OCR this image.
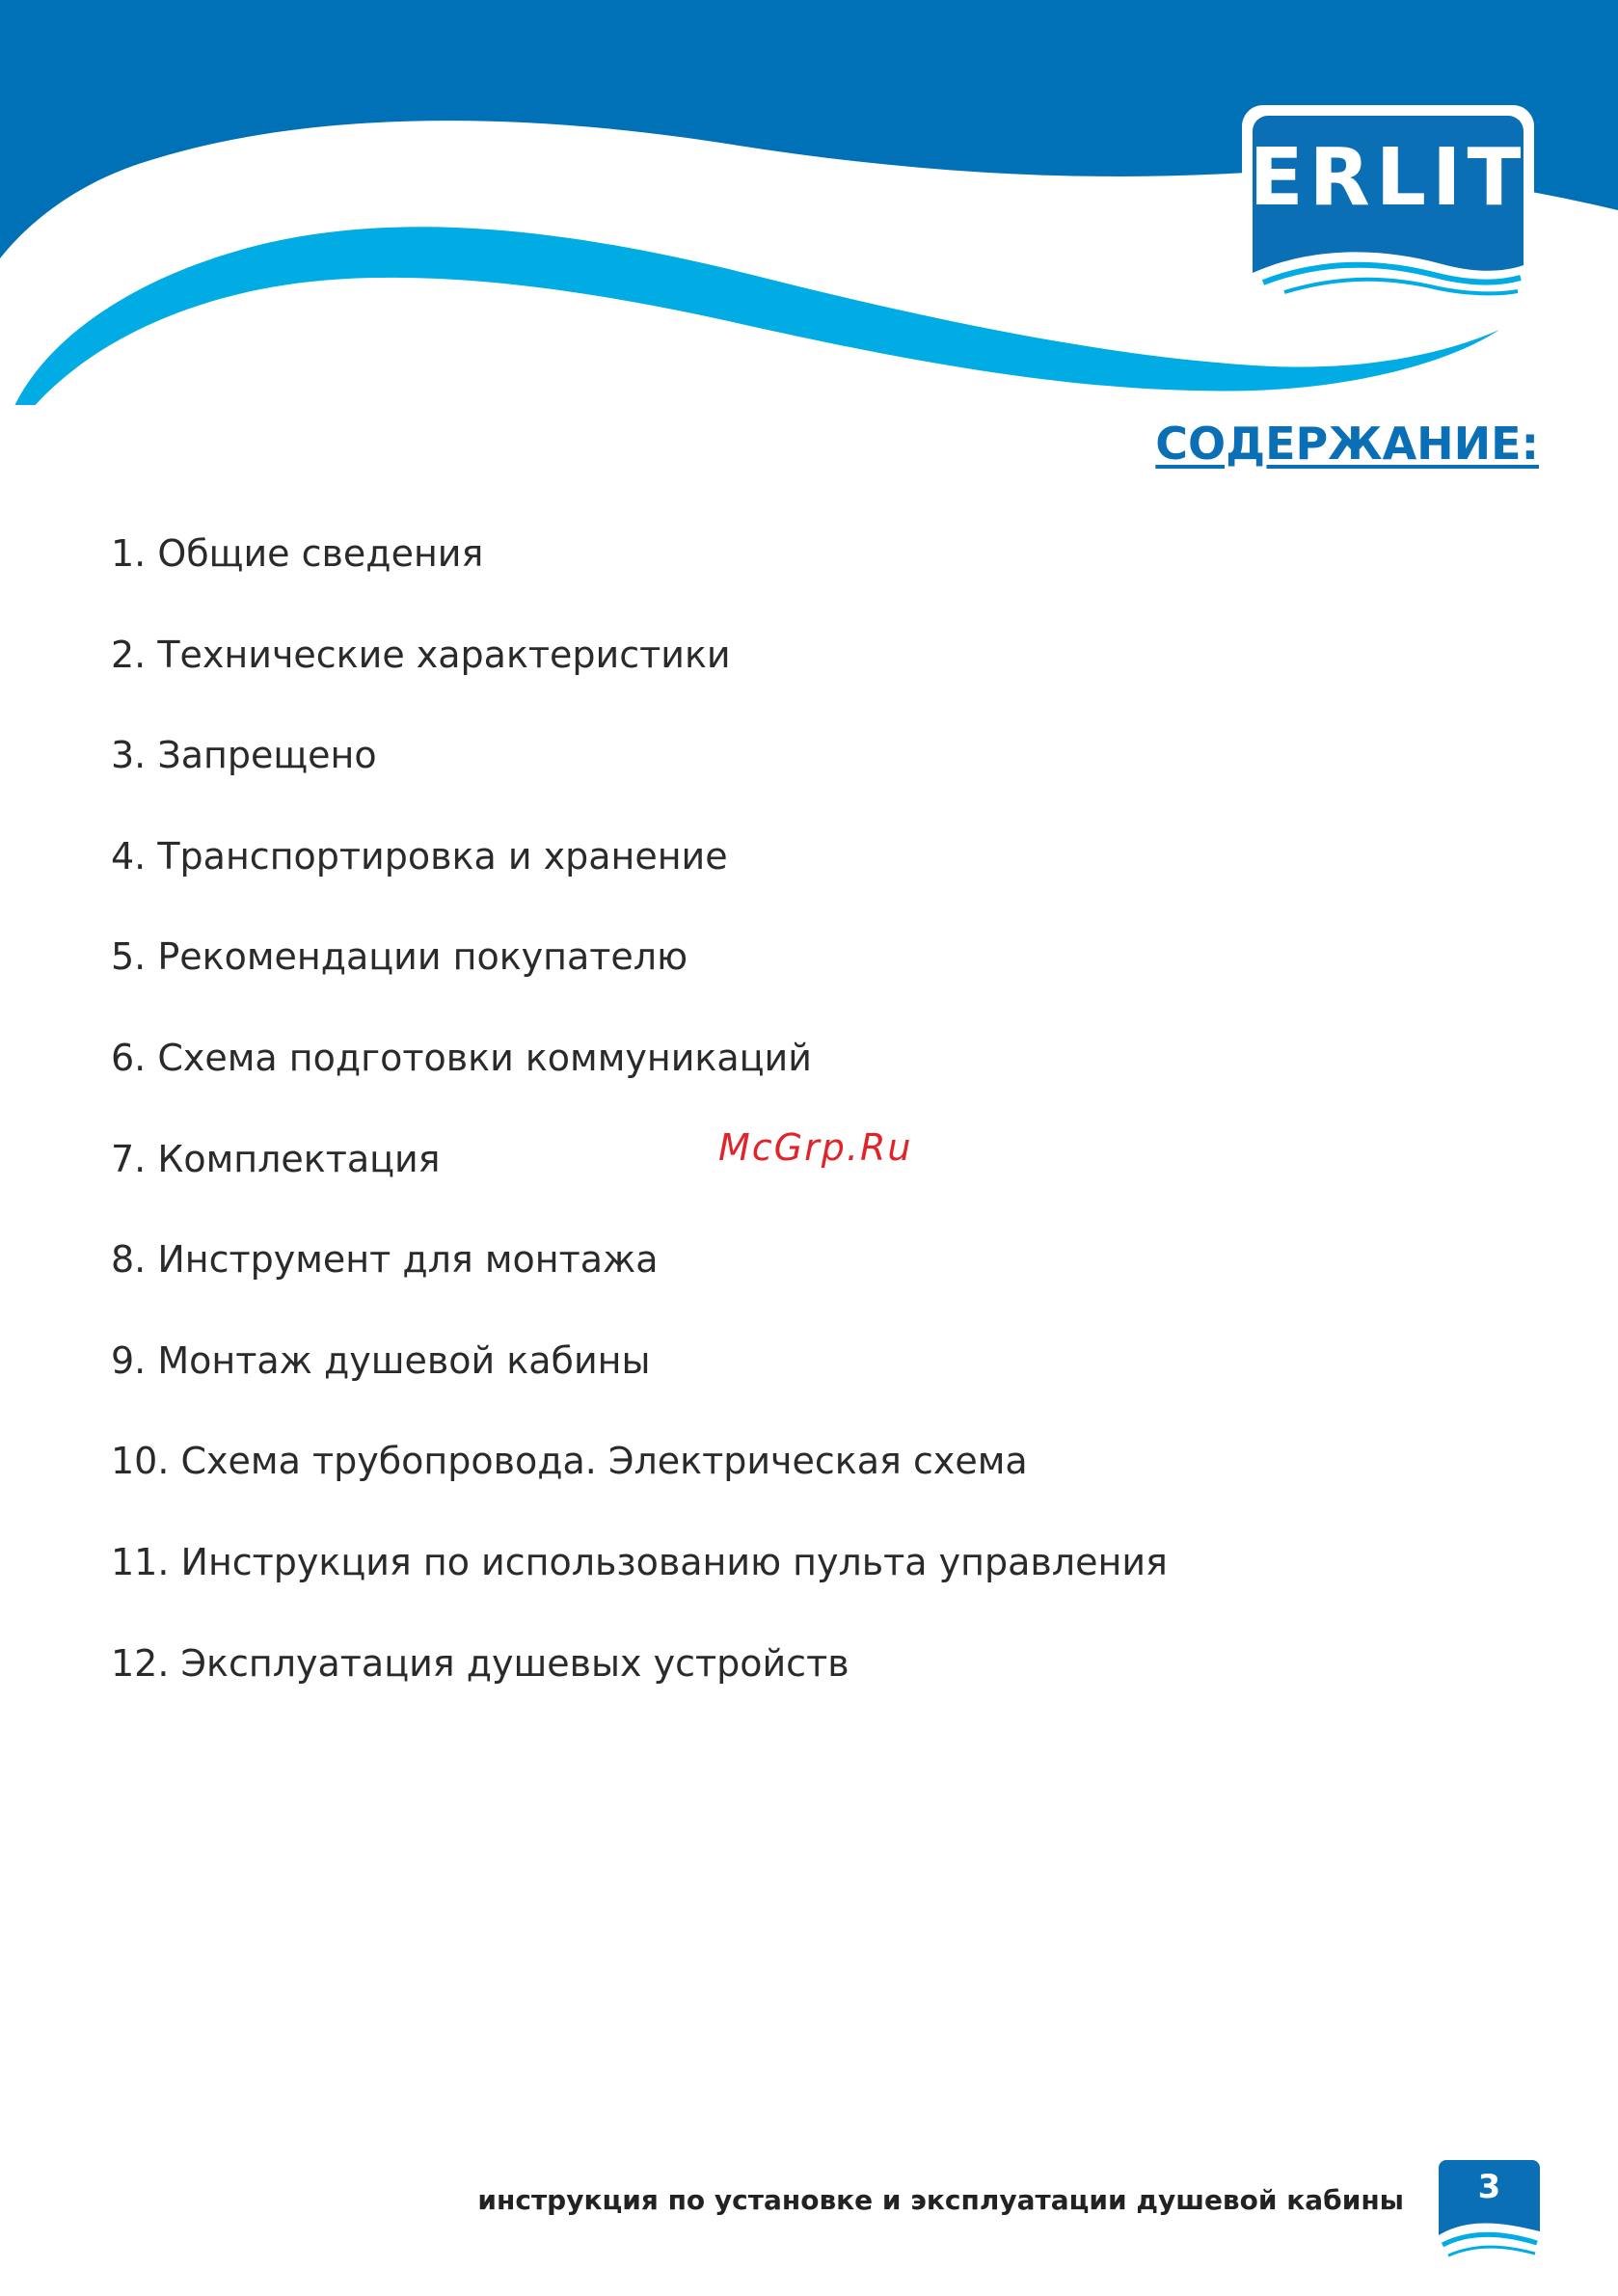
ERLIT
СОДЕРЖАНИЕ:
1. Общие сведения
2. Технические характеристики
3. Запрещено
4. Транспортировка и хранение
5. Рекомендации покупателю
6. Схема подготовки коммуникаций
7. Комплектация
8. Инструмент для монтажа
9. Монтаж душевой кабины
10. Схема трубопровода. Электрическая схема
11. Инструкция по использованию пульта управления
12. Эксплуатация душевых устройств
McGrp.Ru
инструкция по установке и эксплуатации душевой кабины	3
